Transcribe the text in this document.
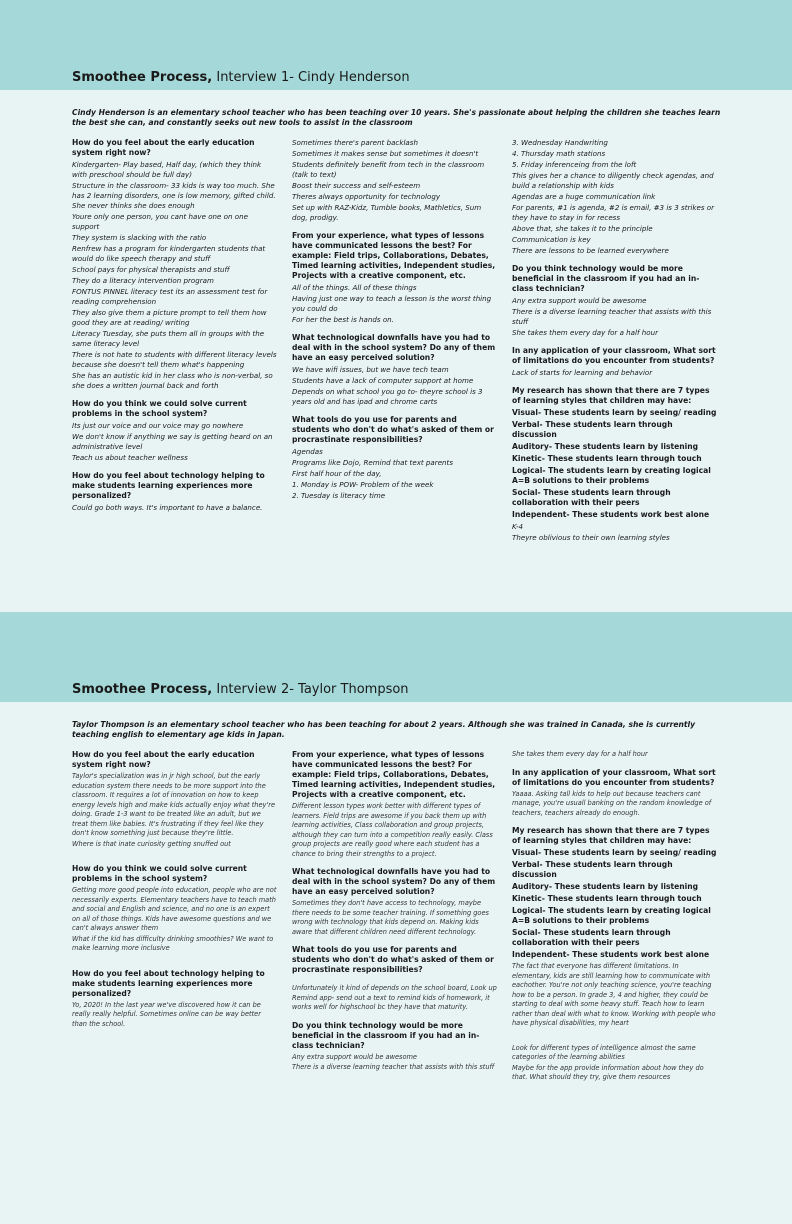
Smoothee Process, Interview 1- Cindy Henderson
Cindy Henderson is an elementary school teacher who has been teaching over 10 years. She's passionate about helping the children she teaches learn the best she can, and constantly seeks out new tools to assist in the classroom
How do you feel about the early education system right now?
Kindergarten- Play based, Half day, (which they think with preschool should be full day)
Structure in the classroom- 33 kids is way too much. She has 2 learning disorders, one is low memory, gifted child. She never thinks she does enough
Youre only one person, you cant have one on one support
They system is slacking with the ratio
Renfrew has a program for kindergarten students that would do like speech therapy and stuff
School pays for physical therapists and stuff
They do a literacy intervention program
FONTUS PINNEL literacy test its an assessment test for reading comprehension
They also give them a picture prompt to tell them how good they are at reading/ writing
Literacy Tuesday, she puts them all in groups with the same literacy level
There is not hate to students with different literacy levels because she doesn't tell them what's happening
She has an autistic kid in her class who is non-verbal, so she does a written journal back and forth
How do you think we could solve current problems in the school system?
Its just our voice and our voice may go nowhere
We don't know if anything we say is getting heard on an administrative level
Teach us about teacher wellness
How do you feel about technology helping to make students learning experiences more personalized?
Could go both ways. It's important to have a balance.
Sometimes there's parent backlash
Sometimes it makes sense but sometimes it doesn't
Students definitely benefit from tech in the classroom (talk to text)
Boost their success and self-esteem
Theres always opportunity for technology
Set up with RAZ-Kidz, Tumble books, Mathletics, Sum dog, prodigy.
From your experience, what types of lessons have communicated lessons the best? For example: Field trips, Collaborations, Debates, Timed learning activities, Independent studies, Projects with a creative component, etc.
All of the things. All of these things
Having just one way to teach a lesson is the worst thing you could do
For her the best is hands on.
What technological downfalls have you had to deal with in the school system? Do any of them have an easy perceived solution?
We have wifi issues, but we have tech team
Students have a lack of computer support at home
Depends on what school you go to- theyre school is 3 years old and has ipad and chrome carts
What tools do you use for parents and students who don't do what's asked of them or procrastinate responsibilities?
Agendas
Programs like Dojo, Remind that text parents
First half hour of the day,
1. Monday is POW- Problem of the week
2. Tuesday is literacy time
3. Wednesday Handwriting
4. Thursday math stations
5. Friday inferenceing from the loft
This gives her a chance to diligently check agendas, and build a relationship with kids
Agendas are a huge communication link
For parents, #1 is agenda, #2 is email, #3 is 3 strikes or they have to stay in for recess
Above that, she takes it to the principle
Communication is key
There are lessons to be learned everywhere
Do you think technology would be more beneficial in the classroom if you had an in-class technician?
Any extra support would be awesome
There is a diverse learning teacher that assists with this stuff
She takes them every day for a half hour
In any application of your classroom, What sort of limitations do you encounter from students?
Lack of starts for learning and behavior
My research has shown that there are 7 types of learning styles that children may have:
Visual- These students learn by seeing/ reading
Verbal- These students learn through discussion
Auditory- These students learn by listening
Kinetic- These students learn through touch
Logical- The students learn by creating logical A=B solutions to their problems
Social- These students learn through collaboration with their peers
Independent- These students work best alone
K-4
Theyre oblivious to their own learning styles
Smoothee Process, Interview 2- Taylor Thompson
Taylor Thompson is an elementary school teacher who has been teaching for about 2 years. Although she was trained in Canada, she is currently teaching english to elementary age kids in Japan.
How do you feel about the early education system right now?
Taylor's specialization was in jr high school, but the early education system there needs to be more support into the classroom. It requires a lot of innovation on how to keep energy levels high and make kids actually enjoy what they're doing. Grade 1-3 want to be treated like an adult, but we treat them like babies. It's frustrating if they feel like they don't know something just because they're little.
Where is that inate curiosity getting snuffed out
How do you think we could solve current problems in the school system?
Getting more good people into education, people who are not necessarily experts. Elementary teachers have to teach math and social and English and science, and no one is an expert on all of those things. Kids have awesome questions and we can't always answer them
What if the kid has difficulty drinking smoothies? We want to make learning more inclusive
How do you feel about technology helping to make students learning experiences more personalized?
Yo, 2020! In the last year we've discovered how it can be really really helpful. Sometimes online can be way better than the school.
From your experience, what types of lessons have communicated lessons the best? For example: Field trips, Collaborations, Debates, Timed learning activities, Independent studies, Projects with a creative component, etc.
Different lesson types work better with different types of learners. Field trips are awesome if you back them up with learning activities, Class collaboration and group projects, although they can turn into a competition really easily. Class group projects are really good where each student has a chance to bring their strengths to a project.
What technological downfalls have you had to deal with in the school system? Do any of them have an easy perceived solution?
Sometimes they don't have access to technology, maybe there needs to be some teacher training. If something goes wrong with technology that kids depend on. Making kids aware that different children need different technology.
What tools do you use for parents and students who don't do what's asked of them or procrastinate responsibilities?
Unfortunately it kind of depends on the school board, Look up Remind app- send out a text to remind kids of homework, it works well for highschool bc they have that maturity.
Do you think technology would be more beneficial in the classroom if you had an in-class technician?
Any extra support would be awesome
There is a diverse learning teacher that assists with this stuff
She takes them every day for a half hour
In any application of your classroom, What sort of limitations do you encounter from students?
Yaaaa. Asking tall kids to help out because teachers cant manage, you're usuall banking on the random knowledge of teachers, teachers already do enough.
My research has shown that there are 7 types of learning styles that children may have:
Visual- These students learn by seeing/ reading
Verbal- These students learn through discussion
Auditory- These students learn by listening
Kinetic- These students learn through touch
Logical- The students learn by creating logical A=B solutions to their problems
Social- These students learn through collaboration with their peers
Independent- These students work best alone
The fact that everyone has different limitations. In elementary, kids are still learning how to communicate with eachother. You're not only teaching science, you're teaching how to be a person. In grade 3, 4 and higher, they could be starting to deal with some heavy stuff. Teach how to learn rather than deal with what to know. Working with people who have physical disabilities, my heart
Look for different types of intelligence almost the same categories of the learning abilities
Maybe for the app provide information about how they do that. What should they try, give them resources
